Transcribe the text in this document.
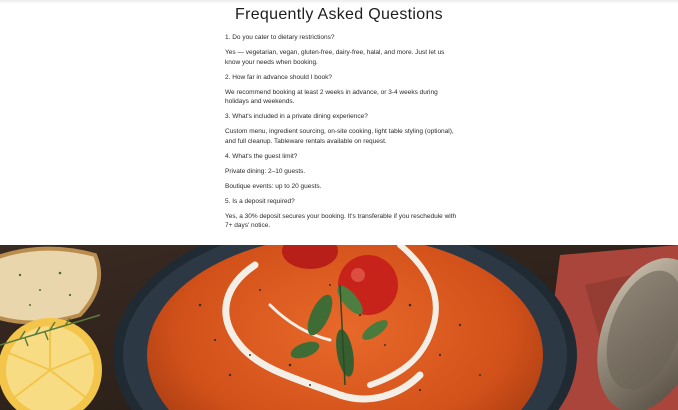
Frequently Asked Questions

1. Do you cater to dietary restrictions?

Yes — vegetarian, vegan, gluten-free, dairy-free, halal, and more. Just let us know your needs when booking.

2. How far in advance should I book?

We recommend booking at least 2 weeks in advance, or 3-4 weeks during holidays and weekends.

3. What's included in a private dining experience?

Custom menu, ingredient sourcing, on-site cooking, light table styling (optional), and full cleanup. Tableware rentals available on request.

4. What's the guest limit?

Private dining: 2–10 guests.

Boutique events: up to 20 guests.

5. Is a deposit required?

Yes, a 30% deposit secures your booking. It's transferable if you reschedule with 7+ days' notice.
